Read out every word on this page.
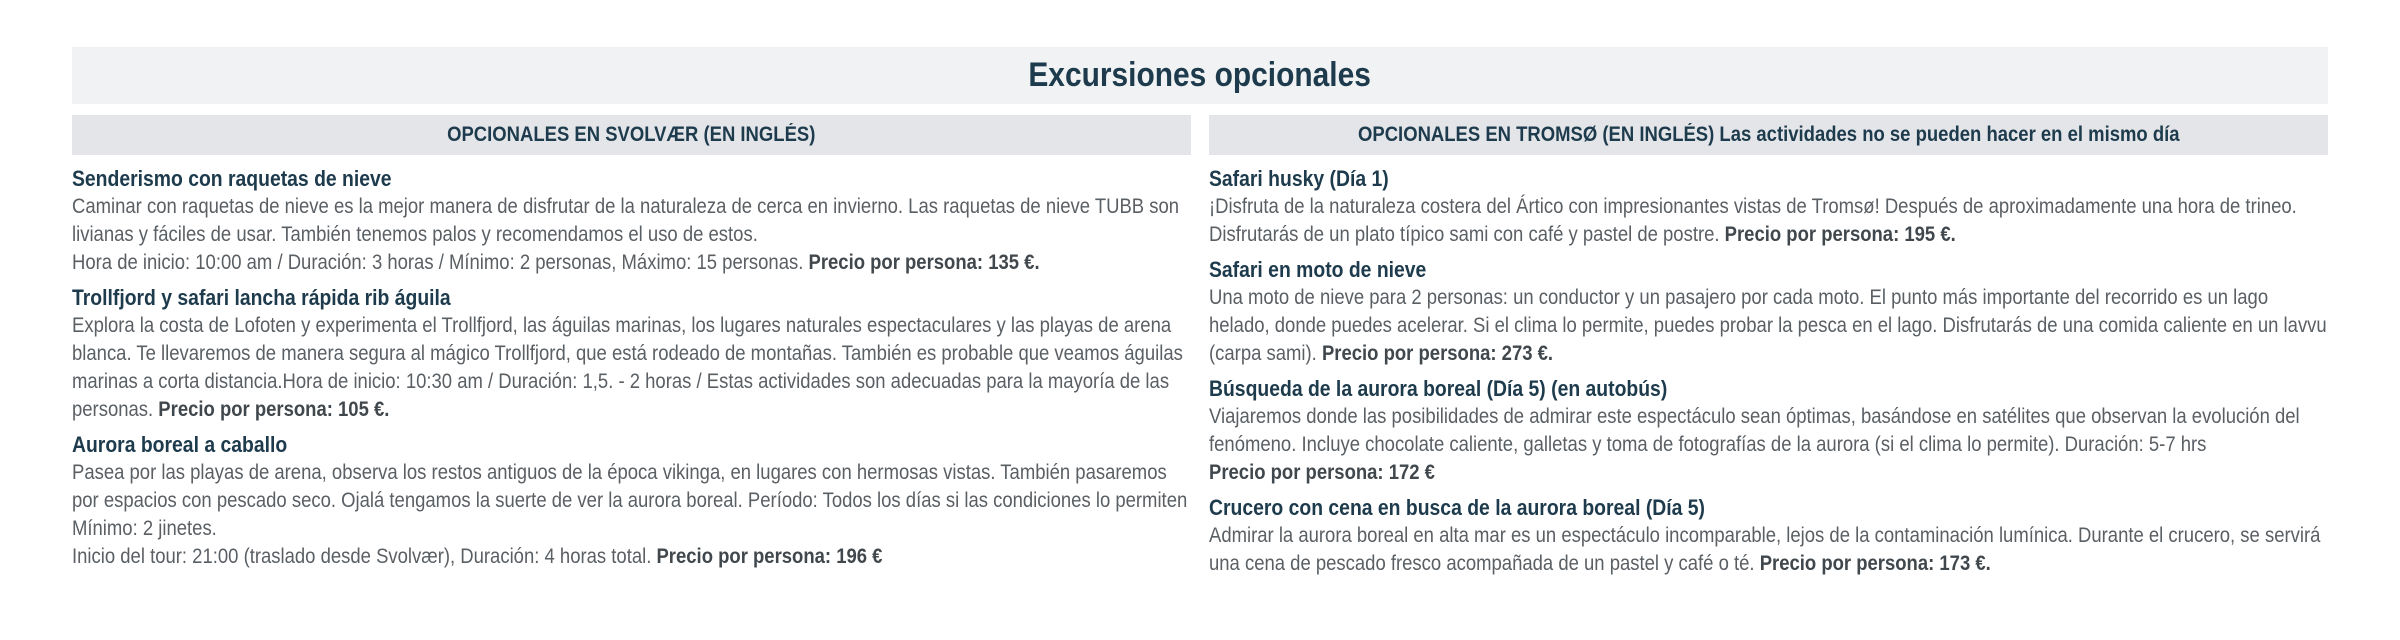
Excursiones opcionales
OPCIONALES EN SVOLVÆR (EN INGLÉS)	OPCIONALES EN TROMSØ (EN INGLÉS) Las actividades no se pueden hacer en el mismo día
Senderismo con raquetas de nieve

Caminar con raquetas de nieve es la mejor manera de disfrutar de la naturaleza de cerca en invierno. Las raquetas de nieve TUBB son livianas y fáciles de usar. También tenemos palos y recomendamos el uso de estos.

Hora de inicio: 10:00 am / Duración: 3 horas / Mínimo: 2 personas, Máximo: 15 personas. Precio por persona: 135 €.

Trollfjord y safari lancha rápida rib águila

Explora la costa de Lofoten y experimenta el Trollfjord, las águilas marinas, los lugares naturales espectaculares y las playas de arena blanca. Te llevaremos de manera segura al mágico Trollfjord, que está rodeado de montañas. También es probable que veamos águilas marinas a corta distancia.Hora de inicio: 10:30 am / Duración: 1,5. - 2 horas / Estas actividades son adecuadas para la mayoría de las personas. Precio por persona: 105 €.

Aurora boreal a caballo

Pasea por las playas de arena, observa los restos antiguos de la época vikinga, en lugares con hermosas vistas. También pasaremos por espacios con pescado seco. Ojalá tengamos la suerte de ver la aurora boreal. Período: Todos los días si las condiciones lo permiten Mínimo: 2 jinetes.

Inicio del tour: 21:00 (traslado desde Svolvær), Duración: 4 horas total. Precio por persona: 196 €

Safari husky (Día 1)

¡Disfruta de la naturaleza costera del Ártico con impresionantes vistas de Tromsø! Después de aproximadamente una hora de trineo. Disfrutarás de un plato típico sami con café y pastel de postre. Precio por persona: 195 €.

Safari en moto de nieve

Una moto de nieve para 2 personas: un conductor y un pasajero por cada moto. El punto más importante del recorrido es un lago helado, donde puedes acelerar. Si el clima lo permite, puedes probar la pesca en el lago. Disfrutarás de una comida caliente en un lavvu (carpa sami). Precio por persona: 273 €.

Búsqueda de la aurora boreal (Día 5) (en autobús)

Viajaremos donde las posibilidades de admirar este espectáculo sean óptimas, basándose en satélites que observan la evolución del fenómeno. Incluye chocolate caliente, galletas y toma de fotografías de la aurora (si el clima lo permite). Duración: 5-7 hrs

Precio por persona: 172 €

Crucero con cena en busca de la aurora boreal (Día 5)

Admirar la aurora boreal en alta mar es un espectáculo incomparable, lejos de la contaminación lumínica. Durante el crucero, se servirá una cena de pescado fresco acompañada de un pastel y café o té. Precio por persona: 173 €.
